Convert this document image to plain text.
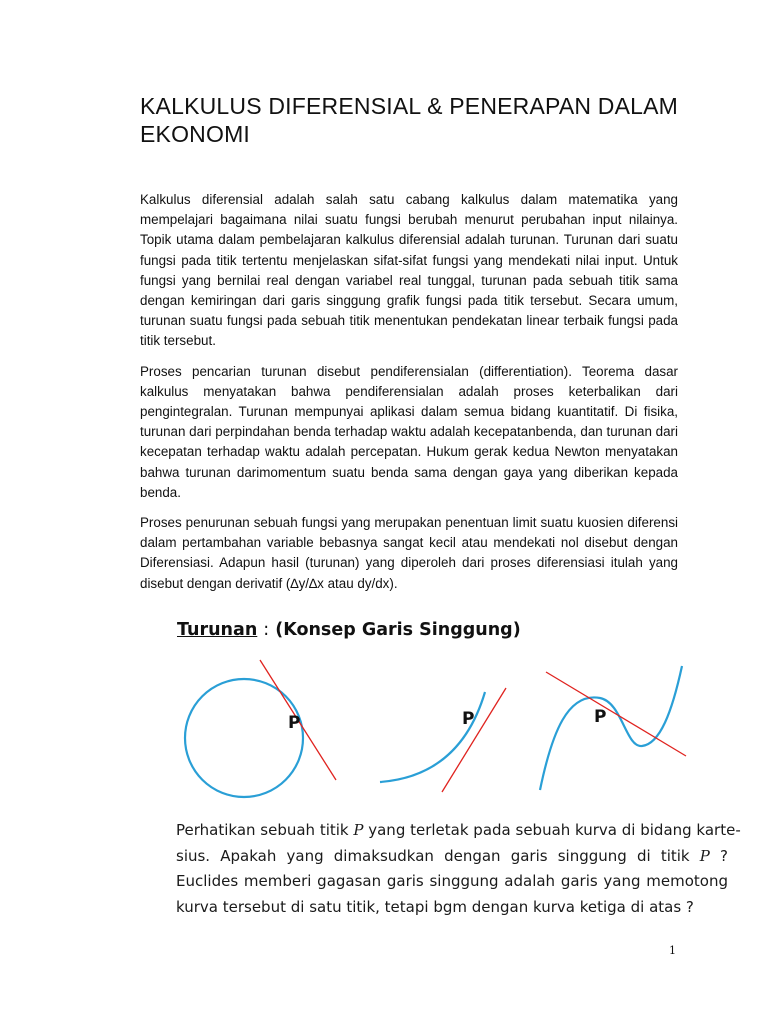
KALKULUS DIFERENSIAL & PENERAPAN DALAM EKONOMI

Kalkulus diferensial adalah salah satu cabang kalkulus dalam matematika yang mempelajari bagaimana nilai suatu fungsi berubah menurut perubahan input nilainya. Topik utama dalam pembelajaran kalkulus diferensial adalah turunan. Turunan dari suatu fungsi pada titik tertentu menjelaskan sifat-sifat fungsi yang mendekati nilai input. Untuk fungsi yang bernilai real dengan variabel real tunggal, turunan pada sebuah titik sama dengan kemiringan dari garis singgung grafik fungsi pada titik tersebut. Secara umum, turunan suatu fungsi pada sebuah titik menentukan pendekatan linear terbaik fungsi pada titik tersebut.

Proses pencarian turunan disebut pendiferensialan (differentiation). Teorema dasar kalkulus menyatakan bahwa pendiferensialan adalah proses keterbalikan dari pengintegralan. Turunan mempunyai aplikasi dalam semua bidang kuantitatif. Di fisika, turunan dari perpindahan benda terhadap waktu adalah kecepatanbenda, dan turunan dari kecepatan terhadap waktu adalah percepatan. Hukum gerak kedua Newton menyatakan bahwa turunan darimomentum suatu benda sama dengan gaya yang diberikan kepada benda.

Proses penurunan sebuah fungsi yang merupakan penentuan limit suatu kuosien diferensi dalam pertambahan variable bebasnya sangat kecil atau mendekati nol disebut dengan Diferensiasi. Adapun hasil (turunan) yang diperoleh dari proses diferensiasi itulah yang disebut dengan derivatif (∆y/∆x atau dy/dx).

Turunan : (Konsep Garis Singgung)
P	P	P
Perhatikan sebuah titik P yang terletak pada sebuah kurva di bidang karte-
sius. Apakah yang dimaksudkan dengan garis singgung di titik P ?
Euclides memberi gagasan garis singgung adalah garis yang memotong
kurva tersebut di satu titik, tetapi bgm dengan kurva ketiga di atas ?
1
